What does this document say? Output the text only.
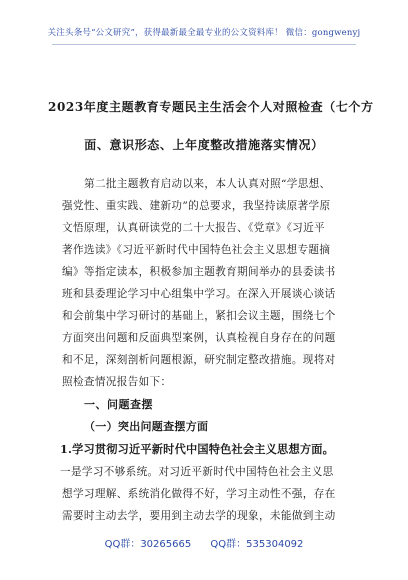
关注头条号“公文研究”，获得最新最全最专业的公文资料库！ 微信：gongwenyj
2023年度主题教育专题民主生活会个人对照检查（七个方
面、意识形态、上年度整改措施落实情况）
第二批主题教育启动以来，本人认真对照“学思想、
强党性、重实践、建新功”的总要求，我坚持读原著学原
文悟原理，认真研读党的二十大报告、《党章》《习近平
著作选读》《习近平新时代中国特色社会主义思想专题摘
编》等指定读本，积极参加主题教育期间举办的县委读书
班和县委理论学习中心组集中学习。在深入开展谈心谈话
和会前集中学习研讨的基础上，紧扣会议主题，围绕七个
方面突出问题和反面典型案例，认真检视自身存在的问题
和不足，深刻剖析问题根源，研究制定整改措施。现将对
照检查情况报告如下：
一、问题查摆
（一）突出问题查摆方面
1.学习贯彻习近平新时代中国特色社会主义思想方面。
一是学习不够系统。对习近平新时代中国特色社会主义思
想学习理解、系统消化做得不好，学习主动性不强，存在
需要时主动去学，要用到主动去学的现象，未能做到主动
QQ群：30265665 QQ群：535304092
